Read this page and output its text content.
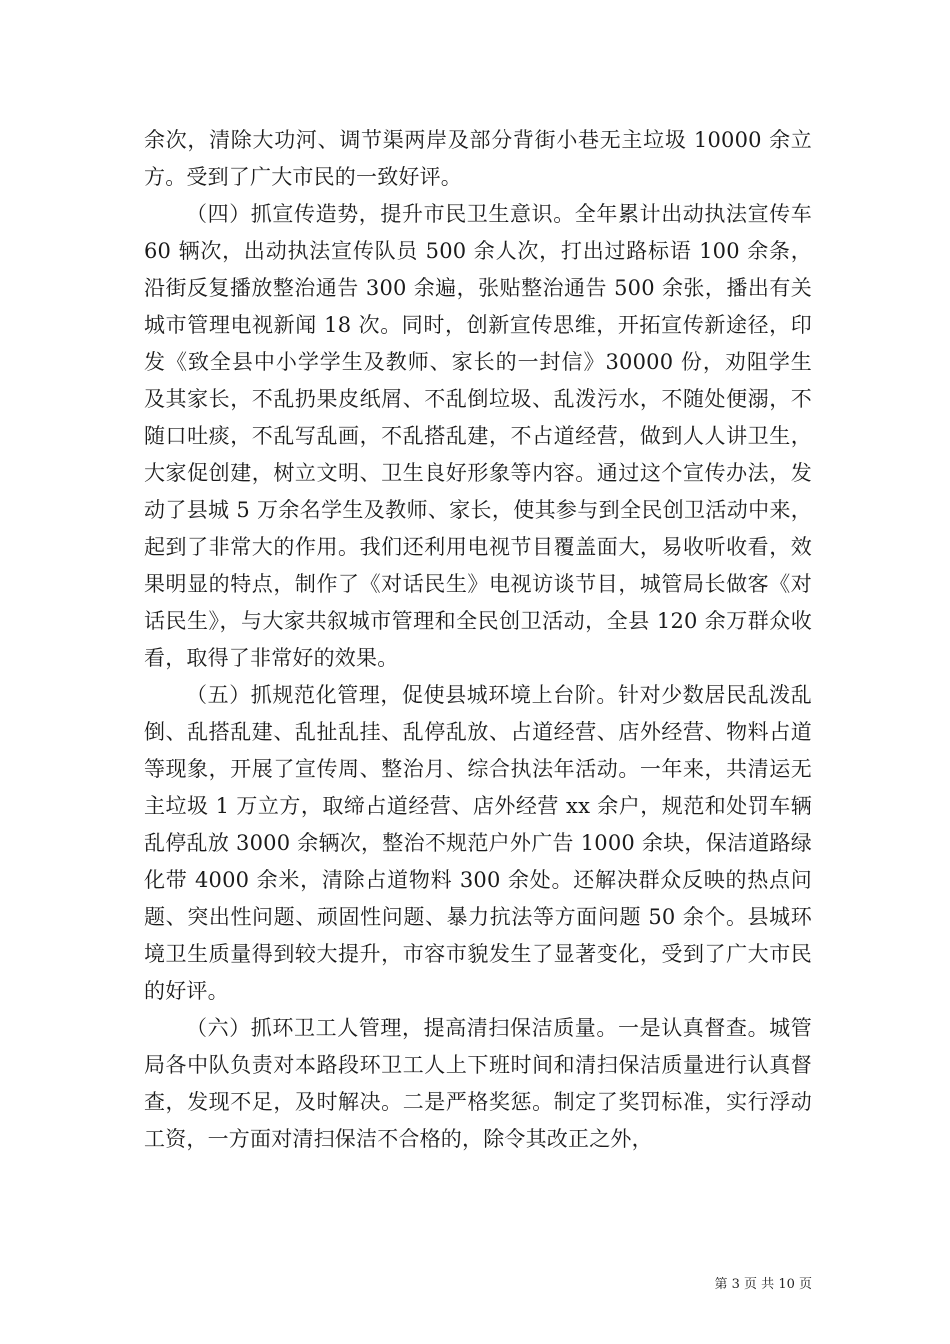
余次，清除大功河、调节渠两岸及部分背街小巷无主垃圾 10000 余立方。受到了广大市民的一致好评。

（四）抓宣传造势，提升市民卫生意识。全年累计出动执法宣传车 60 辆次，出动执法宣传队员 500 余人次，打出过路标语 100 余条，沿街反复播放整治通告 300 余遍，张贴整治通告 500 余张，播出有关城市管理电视新闻 18 次。同时，创新宣传思维，开拓宣传新途径，印发《致全县中小学学生及教师、家长的一封信》30000 份，劝阻学生及其家长，不乱扔果皮纸屑、不乱倒垃圾、乱泼污水，不随处便溺，不随口吐痰，不乱写乱画，不乱搭乱建，不占道经营，做到人人讲卫生，大家促创建，树立文明、卫生良好形象等内容。通过这个宣传办法，发动了县城 5 万余名学生及教师、家长，使其参与到全民创卫活动中来，起到了非常大的作用。我们还利用电视节目覆盖面大，易收听收看，效果明显的特点，制作了《对话民生》电视访谈节目，城管局长做客《对话民生》，与大家共叙城市管理和全民创卫活动，全县 120 余万群众收看，取得了非常好的效果。

（五）抓规范化管理，促使县城环境上台阶。针对少数居民乱泼乱倒、乱搭乱建、乱扯乱挂、乱停乱放、占道经营、店外经营、物料占道等现象，开展了宣传周、整治月、综合执法年活动。一年来，共清运无主垃圾 1 万立方，取缔占道经营、店外经营 xx 余户，规范和处罚车辆乱停乱放 3000 余辆次，整治不规范户外广告 1000 余块，保洁道路绿化带 4000 余米，清除占道物料 300 余处。还解决群众反映的热点问题、突出性问题、顽固性问题、暴力抗法等方面问题 50 余个。县城环境卫生质量得到较大提升，市容市貌发生了显著变化，受到了广大市民的好评。

（六）抓环卫工人管理，提高清扫保洁质量。一是认真督查。城管局各中队负责对本路段环卫工人上下班时间和清扫保洁质量进行认真督查，发现不足，及时解决。二是严格奖惩。制定了奖罚标准，实行浮动工资，一方面对清扫保洁不合格的，除令其改正之外，

第 3 页 共 10 页
